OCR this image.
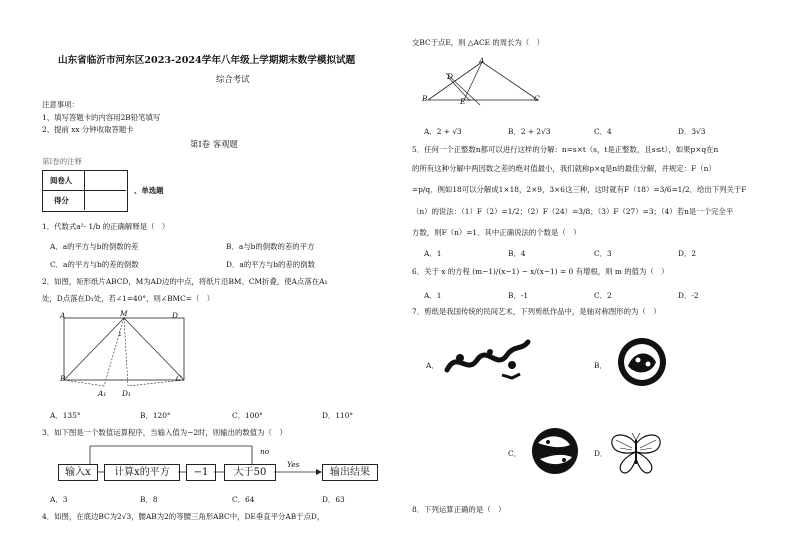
山东省临沂市河东区2023-2024学年八年级上学期期末数学模拟试题
综合考试
注意事项：
1、填写答题卡的内容用2B铅笔填写
2、提前 xx 分钟收取答题卡
第Ⅰ卷 客观题
第Ⅰ卷的注释
阅卷人
得分
、单选题
1．代数式a²- 1/b 的正确解释是（　）
A．a的平方与b的倒数的差	B．a与b的倒数的差的平方
C．a的平方与b的差的倒数	D．a的平方与b的差的倒数
2．如图，矩形纸片ABCD，M为AD边的中点，将纸片沿BM、CM折叠，使A点落在A₁
处，D点落在D₁处，若∠1=40°，则∠BMC=（　）
A	M	D
1
B	C
A₁ D₁
A．135°	B．120°	C．100°	D．110°
3．如下图是一个数值运算程序，当输入值为−2时，则输出的数值为（　）
no
Yes
输入x	计算x的平方	−1	大于50	输出结果
A．3	B．8	C．64	D．63
4．如图，在底边BC为2√3，腰AB为2的等腰三角形ABC中，DE垂直平分AB于点D，
交BC于点E，则 △ACE 的周长为（　）
A
D
B	E	C
A．2 + √3	B．2 + 2√3	C．4	D．3√3
5．任何一个正整数n都可以进行这样的分解：n=s×t（s，t是正整数，且s≤t），如果p×q在n
的所有这种分解中两因数之差的绝对值最小，我们就称p×q是n的最佳分解，并规定：F（n）
=p/q．例如18可以分解成1×18，2×9，3×6这三种，这时就有F（18）=3/6=1/2．给出下列关于F
（n）的说法：（1）F（2）=1/2；（2）F（24）=3/8；（3）F（27）=3；（4）若n是一个完全平
方数，则F（n）=1．其中正确说法的个数是（　）
A．1	B．4	C．3	D．2
6．关于 x 的方程 (m−1)/(x−1) − x/(x−1) = 0 有增根，则 m 的值为（　）
A．1	B．-1	C．2	D．-2
7．剪纸是我国传统的民间艺术，下列剪纸作品中，是轴对称图形的为（　）
A．	B．
C．	D．
8．下列运算正确的是（　）
